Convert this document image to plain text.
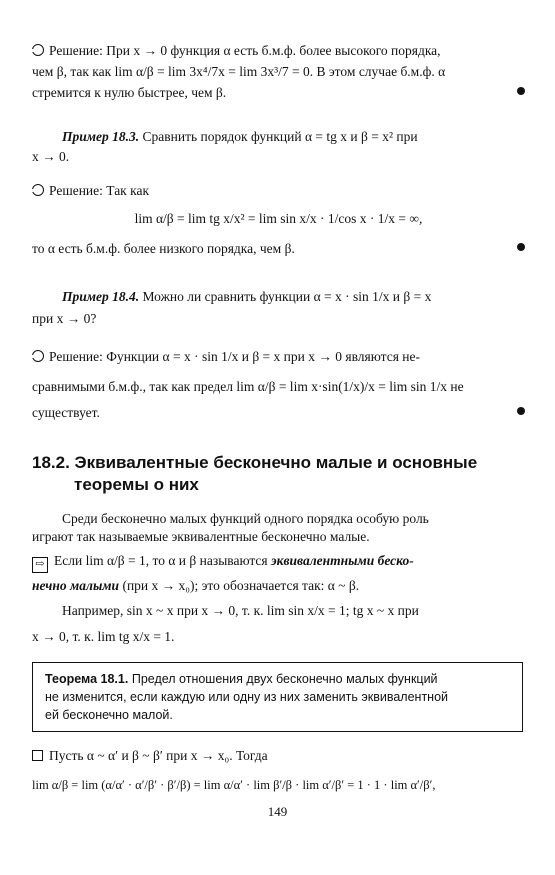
Решение: При x → 0 функция α есть б.м.ф. более высокого порядка,
чем β, так как lim α/β = lim 3x⁴/7x = lim 3x³/7 = 0. В этом случае б.м.ф. α
стремится к нулю быстрее, чем β.
Пример 18.3. Сравнить порядок функций α = tg x и β = x² при
x → 0.
Решение: Так как
lim α/β = lim tg x/x² = lim sin x/x · 1/cos x · 1/x = ∞,
то α есть б.м.ф. более низкого порядка, чем β.
Пример 18.4. Можно ли сравнить функции α = x · sin 1/x и β = x
при x → 0?
Решение: Функции α = x · sin 1/x и β = x при x → 0 являются не-
сравнимыми б.м.ф., так как предел lim α/β = lim x·sin(1/x)/x = lim sin 1/x не
существует.
18.2. Эквивалентные бесконечно малые и основные
теоремы о них
Среди бесконечно малых функций одного порядка особую роль
играют так называемые эквивалентные бесконечно малые.
⇨ Если lim α/β = 1, то α и β называются эквивалентными беско-
нечно малыми (при x → x₀); это обозначается так: α ~ β.
Например, sin x ~ x при x → 0, т. к. lim sin x/x = 1; tg x ~ x при
x → 0, т. к. lim tg x/x = 1.
Теорема 18.1. Предел отношения двух бесконечно малых функций
не изменится, если каждую или одну из них заменить эквивалентной
ей бесконечно малой.
Пусть α ~ α′ и β ~ β′ при x → x₀. Тогда
lim α/β = lim (α/α′ · α′/β′ · β′/β) = lim α/α′ · lim β′/β · lim α′/β′ = 1 · 1 · lim α′/β′,
149
